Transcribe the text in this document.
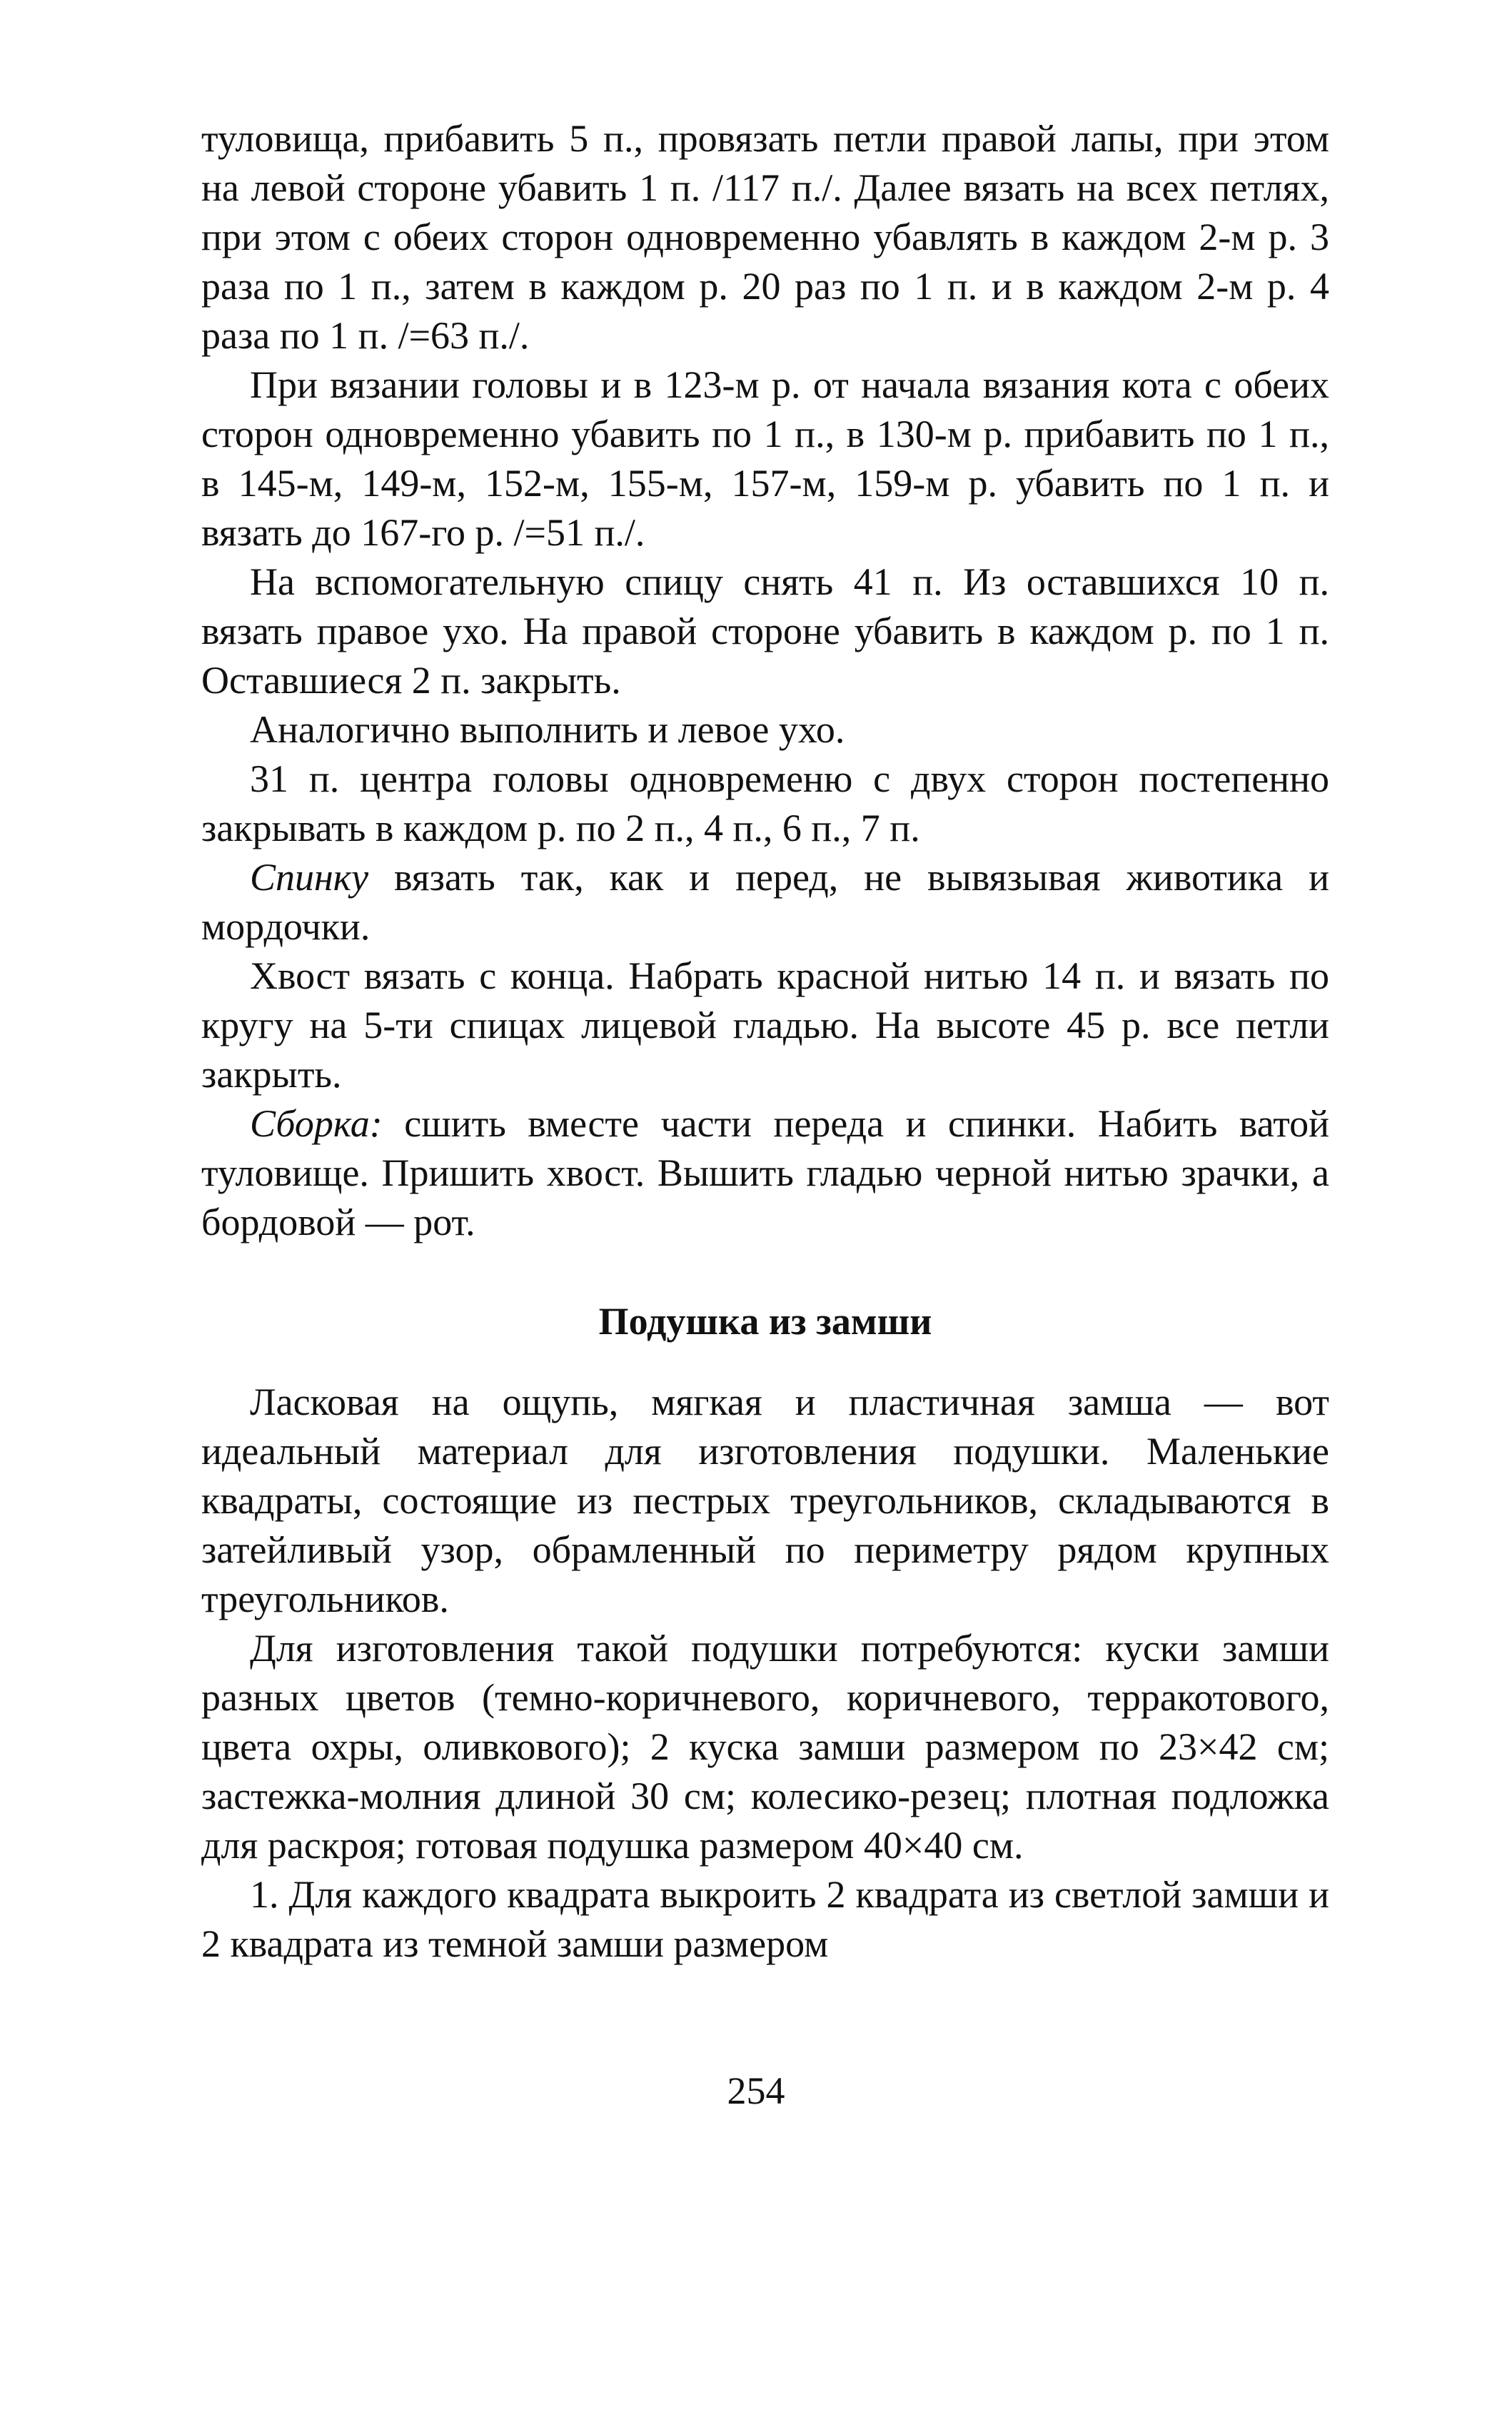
туловища, прибавить 5 п., провязать петли правой лапы, при этом на левой стороне убавить 1 п. /117 п./. Далее вязать на всех петлях, при этом с обеих сторон одновременно убавлять в каждом 2-м р. 3 раза по 1 п., затем в каждом р. 20 раз по 1 п. и в каждом 2-м р. 4 раза по 1 п. /=63 п./.

При вязании головы и в 123-м р. от начала вязания кота с обеих сторон одновременно убавить по 1 п., в 130-м р. прибавить по 1 п., в 145-м, 149-м, 152-м, 155-м, 157-м, 159-м р. убавить по 1 п. и вязать до 167-го р. /=51 п./.

На вспомогательную спицу снять 41 п. Из оставшихся 10 п. вязать правое ухо. На правой стороне убавить в каждом р. по 1 п. Оставшиеся 2 п. закрыть.

Аналогично выполнить и левое ухо.

31 п. центра головы одновременю с двух сторон постепенно закрывать в каждом р. по 2 п., 4 п., 6 п., 7 п.

Спинку вязать так, как и перед, не вывязывая животика и мордочки.

Хвост вязать с конца. Набрать красной нитью 14 п. и вязать по кругу на 5-ти спицах лицевой гладью. На высоте 45 р. все петли закрыть.

Сборка: сшить вместе части переда и спинки. Набить ватой туловище. Пришить хвост. Вышить гладью черной нитью зрачки, а бордовой — рот.

Подушка из замши

Ласковая на ощупь, мягкая и пластичная замша — вот идеальный материал для изготовления подушки. Маленькие квадраты, состоящие из пестрых треугольников, складываются в затейливый узор, обрамленный по периметру рядом крупных треугольников.

Для изготовления такой подушки потребуются: куски замши разных цветов (темно-коричневого, коричневого, терракотового, цвета охры, оливкового); 2 куска замши размером по 23×42 см; застежка-молния длиной 30 см; колесико-резец; плотная подложка для раскроя; готовая подушка размером 40×40 см.

1. Для каждого квадрата выкроить 2 квадрата из светлой замши и 2 квадрата из темной замши размером

254
